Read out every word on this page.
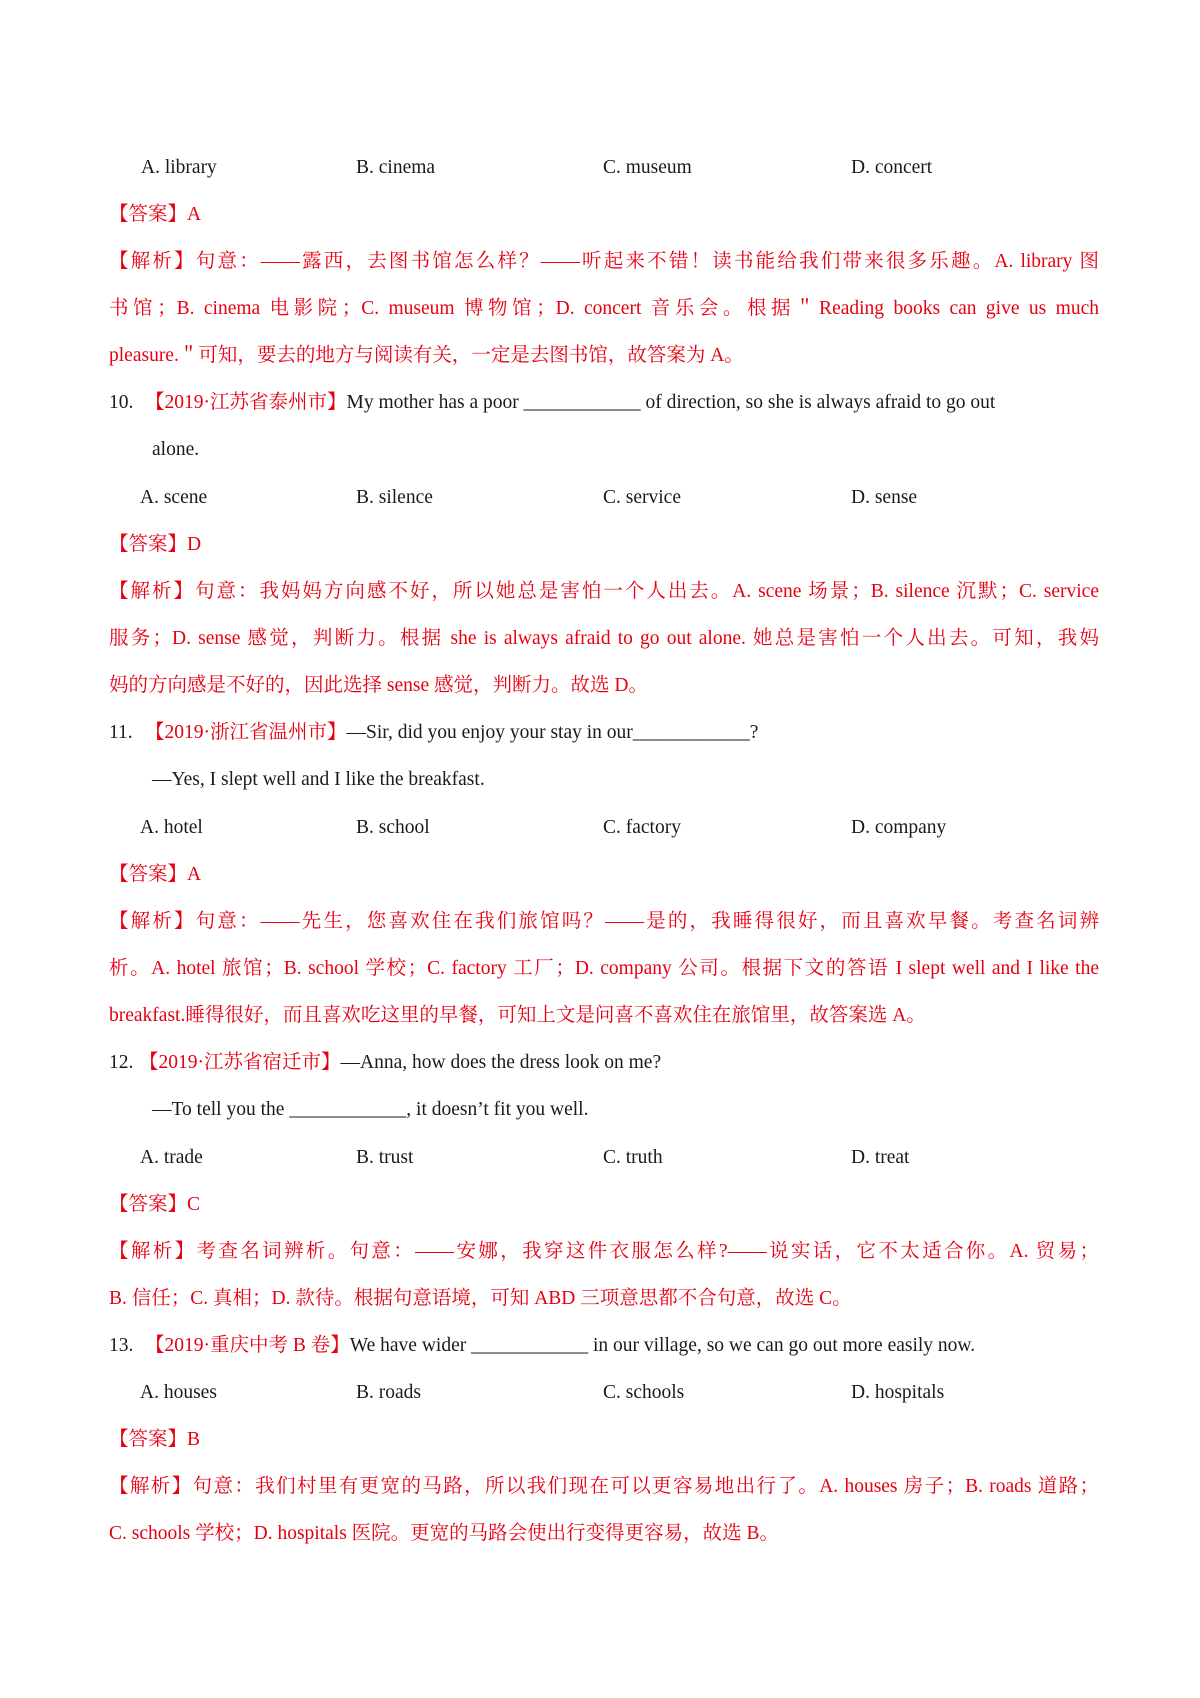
A. library	B. cinema	C. museum	D. concert
【答案】A
【解析】句意：——露西，去图书馆怎么样？——听起来不错！读书能给我们带来很多乐趣。A. library 图
书馆；B. cinema 电影院；C. museum 博物馆；D. concert 音乐会。根据＂Reading books can give us much
pleasure.＂可知，要去的地方与阅读有关，一定是去图书馆，故答案为 A。
10. 【2019·江苏省泰州市】My mother has a poor ____________ of direction, so she is always afraid to go out
alone.
A. scene	B. silence	C. service	D. sense
【答案】D
【解析】句意：我妈妈方向感不好，所以她总是害怕一个人出去。A. scene 场景；B. silence 沉默；C. service
服务；D. sense 感觉，判断力。根据 she is always afraid to go out alone. 她总是害怕一个人出去。可知，我妈
妈的方向感是不好的，因此选择 sense 感觉，判断力。故选 D。
11. 【2019·浙江省温州市】—Sir, did you enjoy your stay in our____________?
—Yes, I slept well and I like the breakfast.
A. hotel	B. school	C. factory	D. company
【答案】A
【解析】句意：——先生，您喜欢住在我们旅馆吗？——是的，我睡得很好，而且喜欢早餐。考查名词辨
析。A. hotel 旅馆；B. school 学校；C. factory 工厂；D. company 公司。根据下文的答语 I slept well and I like the
breakfast.睡得很好，而且喜欢吃这里的早餐，可知上文是问喜不喜欢住在旅馆里，故答案选 A。
12. 【2019·江苏省宿迁市】—Anna, how does the dress look on me?
—To tell you the ____________, it doesn’t fit you well.
A. trade	B. trust	C. truth	D. treat
【答案】C
【解析】考查名词辨析。句意：——安娜，我穿这件衣服怎么样?——说实话，它不太适合你。A. 贸易；
B. 信任；C. 真相；D. 款待。根据句意语境，可知 ABD 三项意思都不合句意，故选 C。
13. 【2019·重庆中考 B 卷】We have wider ____________ in our village, so we can go out more easily now.
A. houses	B. roads	C. schools	D. hospitals
【答案】B
【解析】句意：我们村里有更宽的马路，所以我们现在可以更容易地出行了。A. houses 房子；B. roads 道路；
C. schools 学校；D. hospitals 医院。更宽的马路会使出行变得更容易，故选 B。
